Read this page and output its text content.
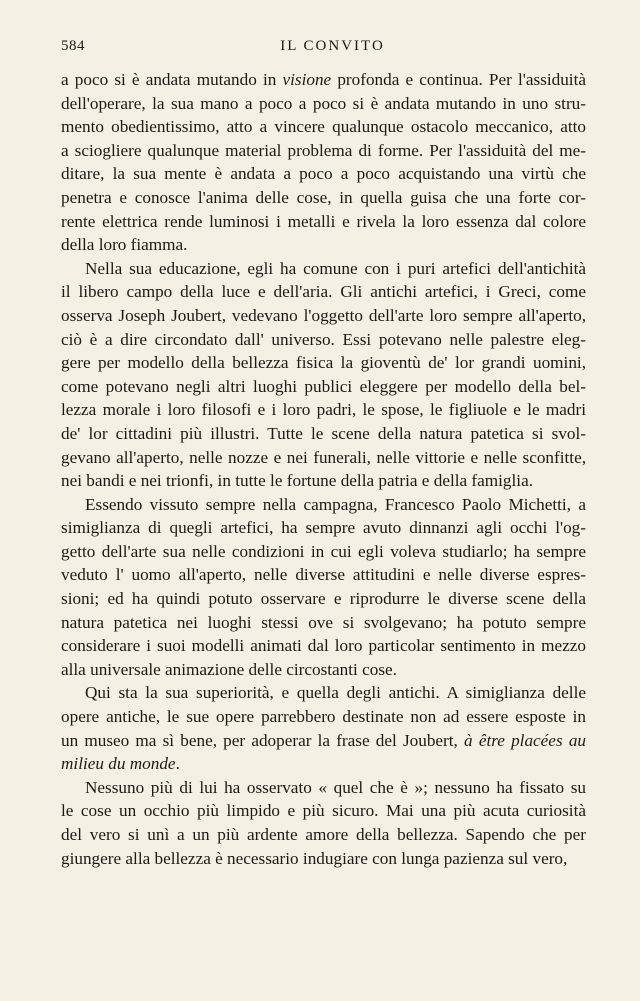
584	IL CONVITO
a poco si è andata mutando in visione profonda e continua. Per l'assiduità
dell'operare, la sua mano a poco a poco si è andata mutando in uno stru-
mento obedientissimo, atto a vincere qualunque ostacolo meccanico, atto
a sciogliere qualunque material problema di forme. Per l'assiduità del me-
ditare, la sua mente è andata a poco a poco acquistando una virtù che
penetra e conosce l'anima delle cose, in quella guisa che una forte cor-
rente elettrica rende luminosi i metalli e rivela la loro essenza dal colore
della loro fiamma.
Nella sua educazione, egli ha comune con i puri artefici dell'antichità
il libero campo della luce e dell'aria. Gli antichi artefici, i Greci, come
osserva Joseph Joubert, vedevano l'oggetto dell'arte loro sempre all'aperto,
ciò è a dire circondato dall' universo. Essi potevano nelle palestre eleg-
gere per modello della bellezza fisica la gioventù de' lor grandi uomini,
come potevano negli altri luoghi publici eleggere per modello della bel-
lezza morale i loro filosofi e i loro padri, le spose, le figliuole e le madri
de' lor cittadini più illustri. Tutte le scene della natura patetica si svol-
gevano all'aperto, nelle nozze e nei funerali, nelle vittorie e nelle sconfitte,
nei bandi e nei trionfi, in tutte le fortune della patria e della famiglia.
Essendo vissuto sempre nella campagna, Francesco Paolo Michetti, a
simiglianza di quegli artefici, ha sempre avuto dinnanzi agli occhi l'og-
getto dell'arte sua nelle condizioni in cui egli voleva studiarlo; ha sempre
veduto l' uomo all'aperto, nelle diverse attitudini e nelle diverse espres-
sioni; ed ha quindi potuto osservare e riprodurre le diverse scene della
natura patetica nei luoghi stessi ove si svolgevano; ha potuto sempre
considerare i suoi modelli animati dal loro particolar sentimento in mezzo
alla universale animazione delle circostanti cose.
Qui sta la sua superiorità, e quella degli antichi. A simiglianza delle
opere antiche, le sue opere parrebbero destinate non ad essere esposte in
un museo ma sì bene, per adoperar la frase del Joubert, à être placées au
milieu du monde.
Nessuno più di lui ha osservato « quel che è »; nessuno ha fissato su
le cose un occhio più limpido e più sicuro. Mai una più acuta curiosità
del vero si unì a un più ardente amore della bellezza. Sapendo che per
giungere alla bellezza è necessario indugiare con lunga pazienza sul vero,
